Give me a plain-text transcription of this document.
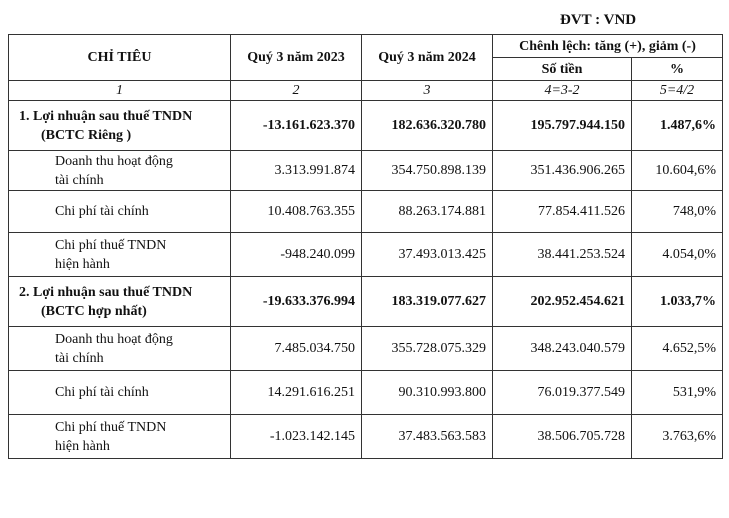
ĐVT : VND
CHỈ TIÊU	Quý 3 năm 2023	Quý 3 năm 2024	Chênh lệch: tăng (+), giảm (-)	
			Số tiền	%
1	2	3	4=3-2	5=4/2
1. Lợi nhuận sau thuế TNDN
(BCTC Riêng )	-13.161.623.370	182.636.320.780	195.797.944.150	1.487,6%
Doanh thu hoạt động
tài chính	3.313.991.874	354.750.898.139	351.436.906.265	10.604,6%
Chi phí tài chính	10.408.763.355	88.263.174.881	77.854.411.526	748,0%
Chi phí thuế TNDN
hiện hành	-948.240.099	37.493.013.425	38.441.253.524	4.054,0%
2. Lợi nhuận sau thuế TNDN
(BCTC hợp nhất)	-19.633.376.994	183.319.077.627	202.952.454.621	1.033,7%
Doanh thu hoạt động
tài chính	7.485.034.750	355.728.075.329	348.243.040.579	4.652,5%
Chi phí tài chính	14.291.616.251	90.310.993.800	76.019.377.549	531,9%
Chi phí thuế TNDN
hiện hành	-1.023.142.145	37.483.563.583	38.506.705.728	3.763,6%
